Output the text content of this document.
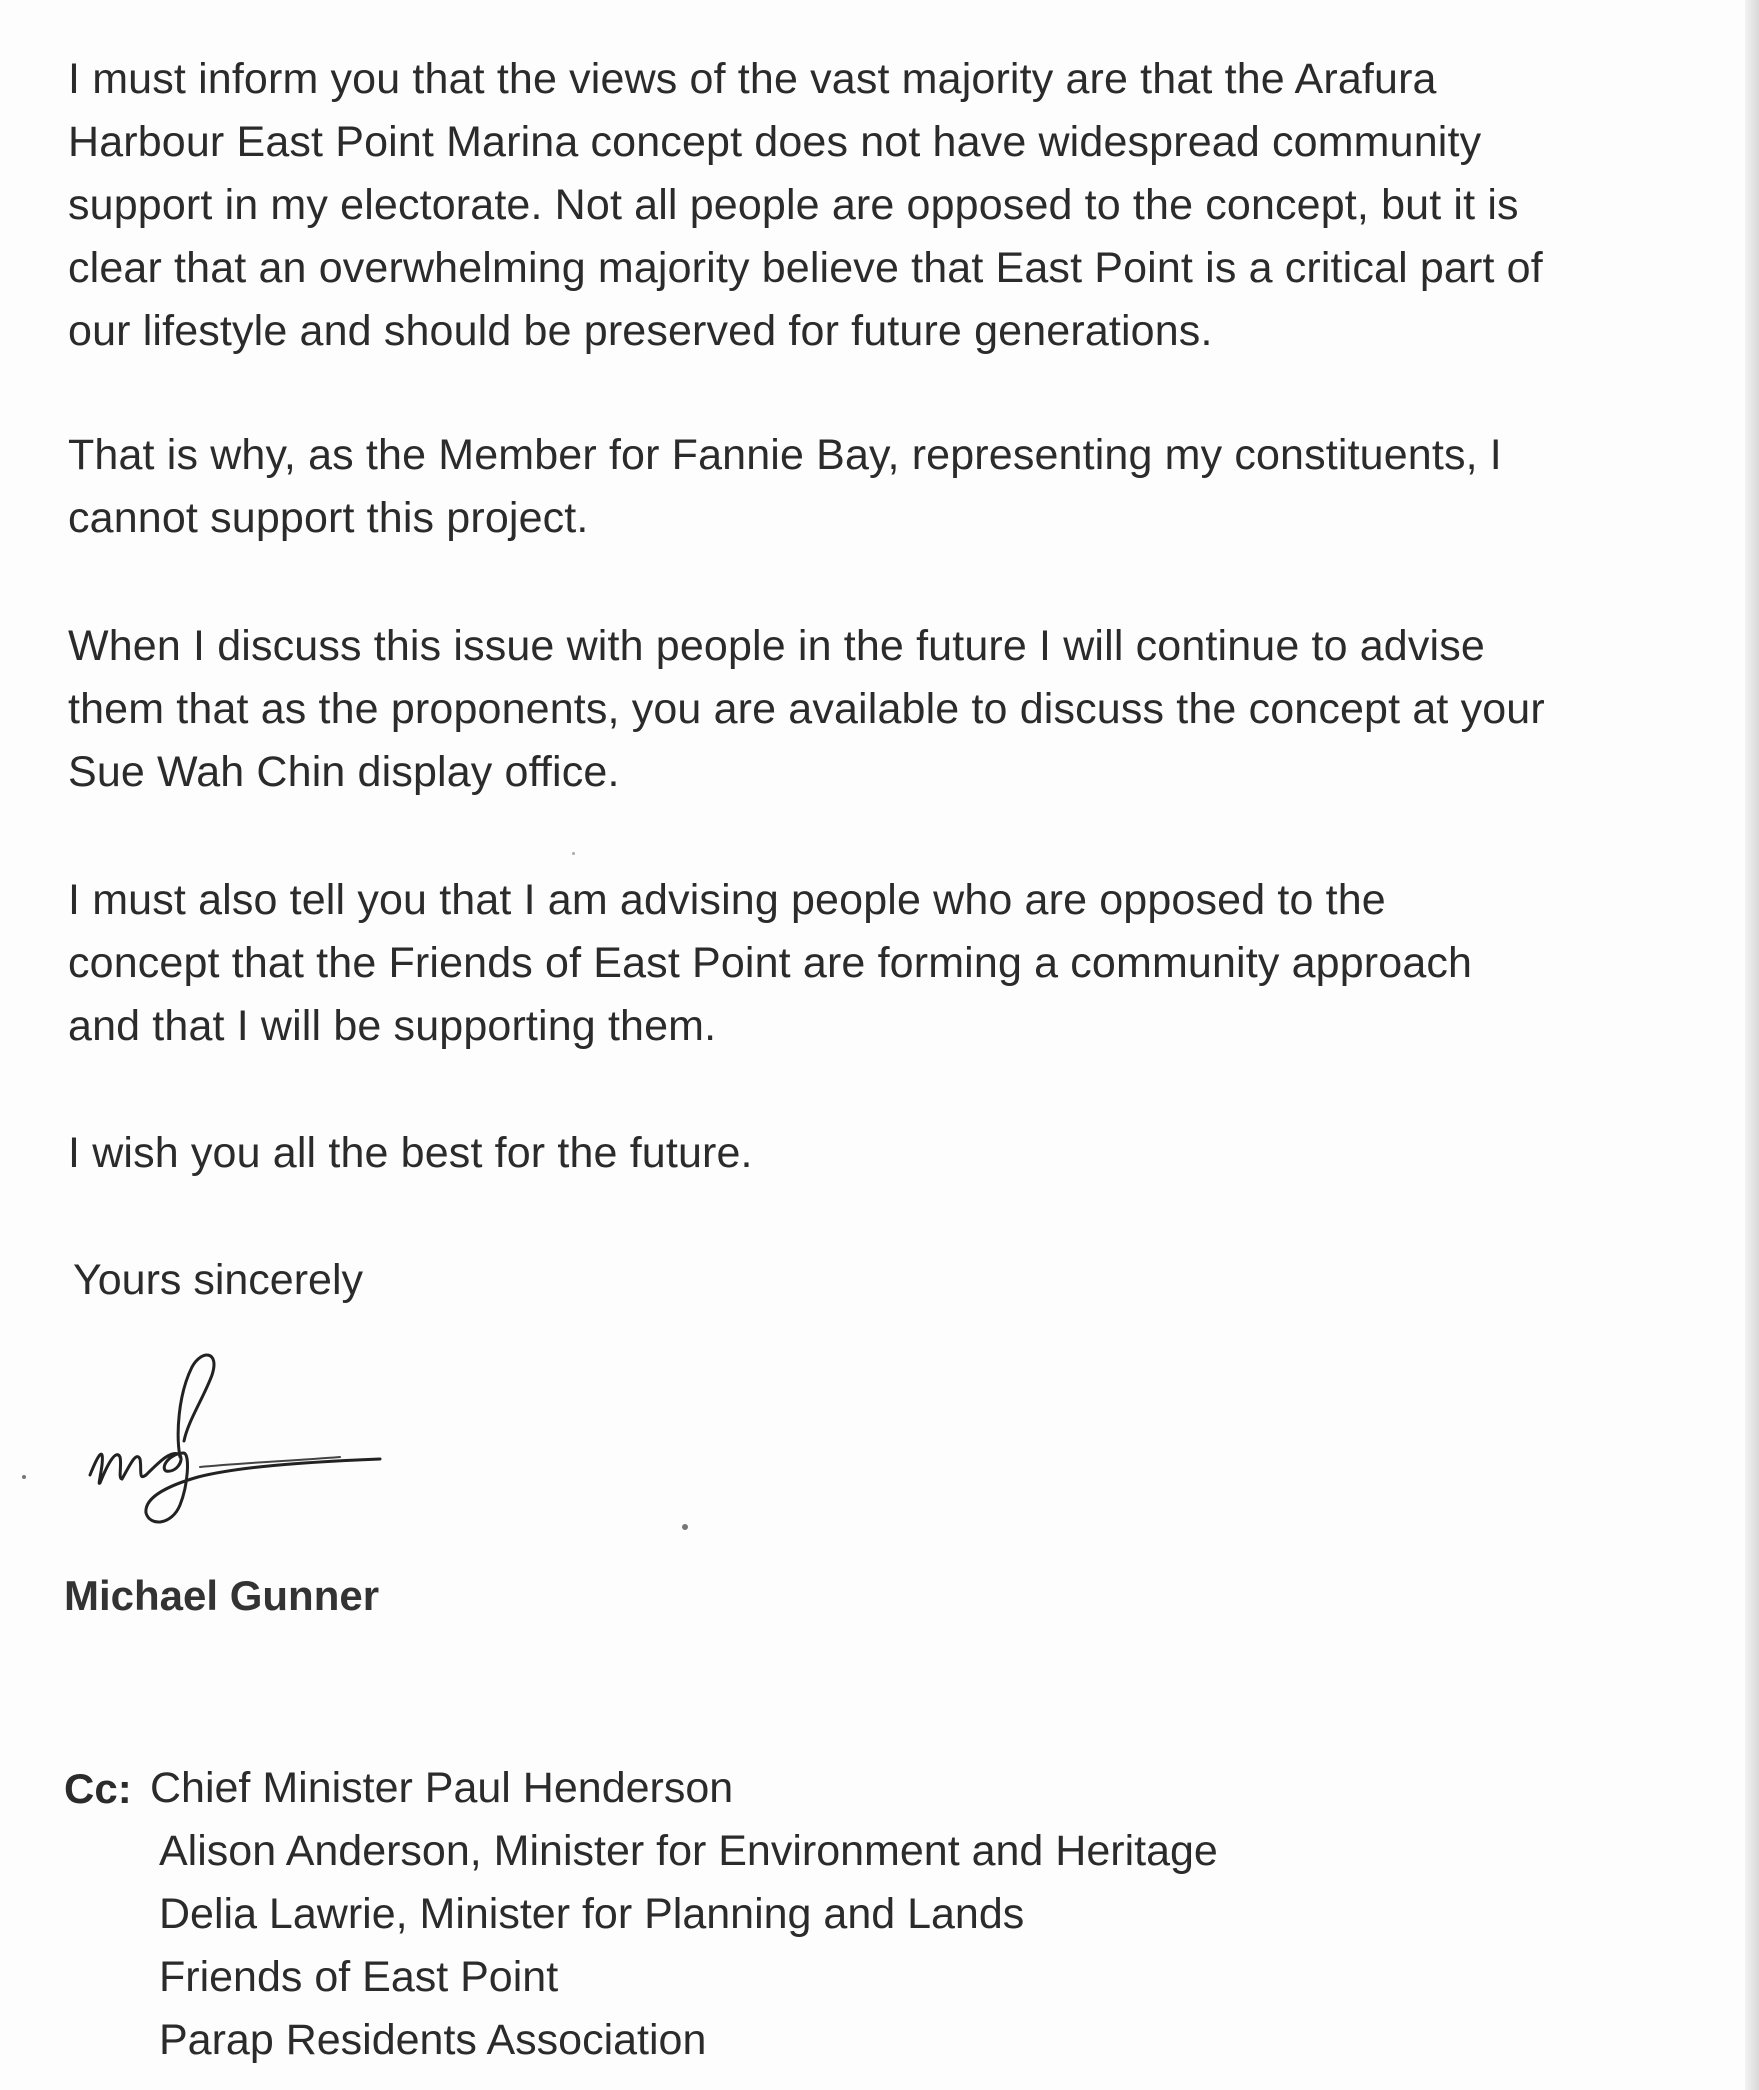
I must inform you that the views of the vast majority are that the Arafura
Harbour East Point Marina concept does not have widespread community
support in my electorate. Not all people are opposed to the concept, but it is
clear that an overwhelming majority believe that East Point is a critical part of
our lifestyle and should be preserved for future generations.

That is why, as the Member for Fannie Bay, representing my constituents, I
cannot support this project.

When I discuss this issue with people in the future I will continue to advise
them that as the proponents, you are available to discuss the concept at your
Sue Wah Chin display office.

I must also tell you that I am advising people who are opposed to the
concept that the Friends of East Point are forming a community approach
and that I will be supporting them.

I wish you all the best for the future.

Yours sincerely
Michael Gunner
Cc: Chief Minister Paul Henderson
Alison Anderson, Minister for Environment and Heritage
Delia Lawrie, Minister for Planning and Lands
Friends of East Point
Parap Residents Association
